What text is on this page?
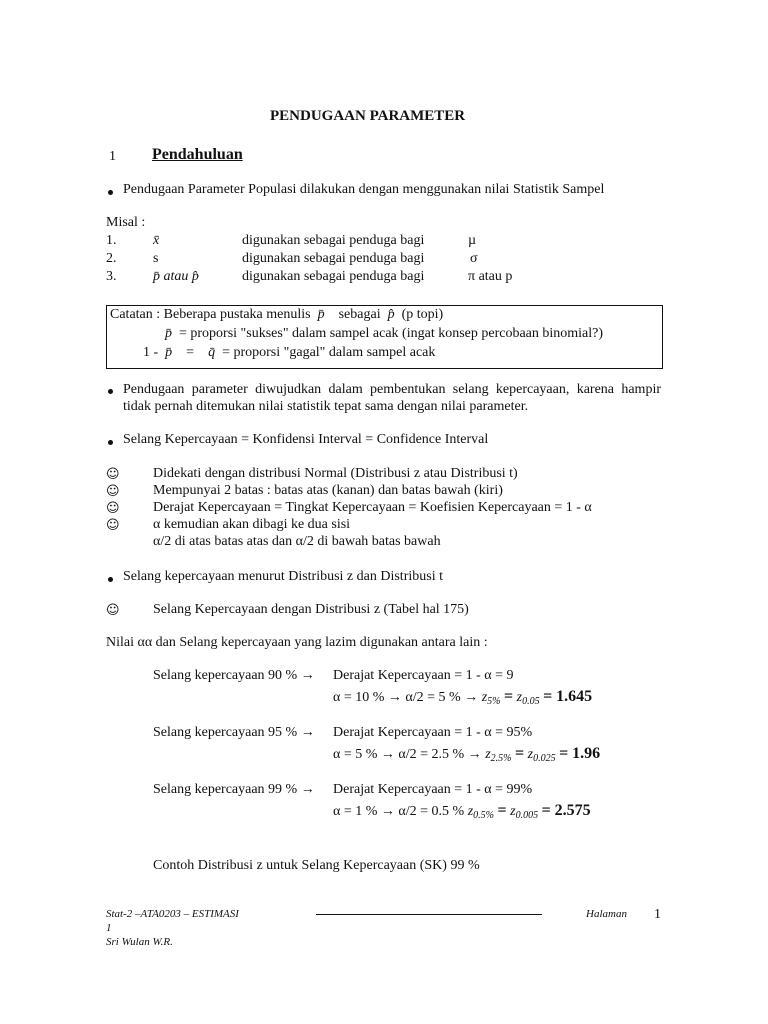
PENDUGAAN PARAMETER
1 Pendahuluan
Pendugaan Parameter Populasi dilakukan dengan menggunakan nilai Statistik Sampel
Misal :
1.	x̄	digunakan sebagai penduga bagi	µ
2.	s	digunakan sebagai penduga bagi	σ
3.	p̄ atau p̂	digunakan sebagai penduga bagi	π atau p
Catatan : Beberapa pustaka menulis p̄ sebagai p̂ (p topi)
p̄ = proporsi "sukses" dalam sampel acak (ingat konsep percobaan binomial?)
1 - p̄ = q̄ = proporsi "gagal" dalam sampel acak
Pendugaan parameter diwujudkan dalam pembentukan selang kepercayaan, karena hampir tidak pernah ditemukan nilai statistik tepat sama dengan nilai parameter.
Selang Kepercayaan = Konfidensi Interval = Confidence Interval
☺ Didekati dengan distribusi Normal (Distribusi z atau Distribusi t)
☺ Mempunyai 2 batas : batas atas (kanan) dan batas bawah (kiri)
☺ Derajat Kepercayaan = Tingkat Kepercayaan = Koefisien Kepercayaan = 1 - α
☺ α kemudian akan dibagi ke dua sisi
α/2 di atas batas atas dan α/2 di bawah batas bawah
Selang kepercayaan menurut Distribusi z dan Distribusi t
☺ Selang Kepercayaan dengan Distribusi z (Tabel hal 175)
Nilai αα dan Selang kepercayaan yang lazim digunakan antara lain :
Selang kepercayaan 90 % → Derajat Kepercayaan = 1 - α = 9
α = 10 % → α/2 = 5 % → $z_{5\%} = z_{0.05} = 1.645$
Selang kepercayaan 95 % → Derajat Kepercayaan = 1 - α = 95%
α = 5 % → α/2 = 2.5 % → $z_{2.5\%} = z_{0.025} = 1.96$
Selang kepercayaan 99 % → Derajat Kepercayaan = 1 - α = 99%
α = 1 % → α/2 = 0.5 % $z_{0.5\%} = z_{0.005} = 2.575$
Contoh Distribusi z untuk Selang Kepercayaan (SK) 99 %
Stat-2 –ATA0203 – ESTIMASI
1
Sri Wulan W.R.
Halaman 1
